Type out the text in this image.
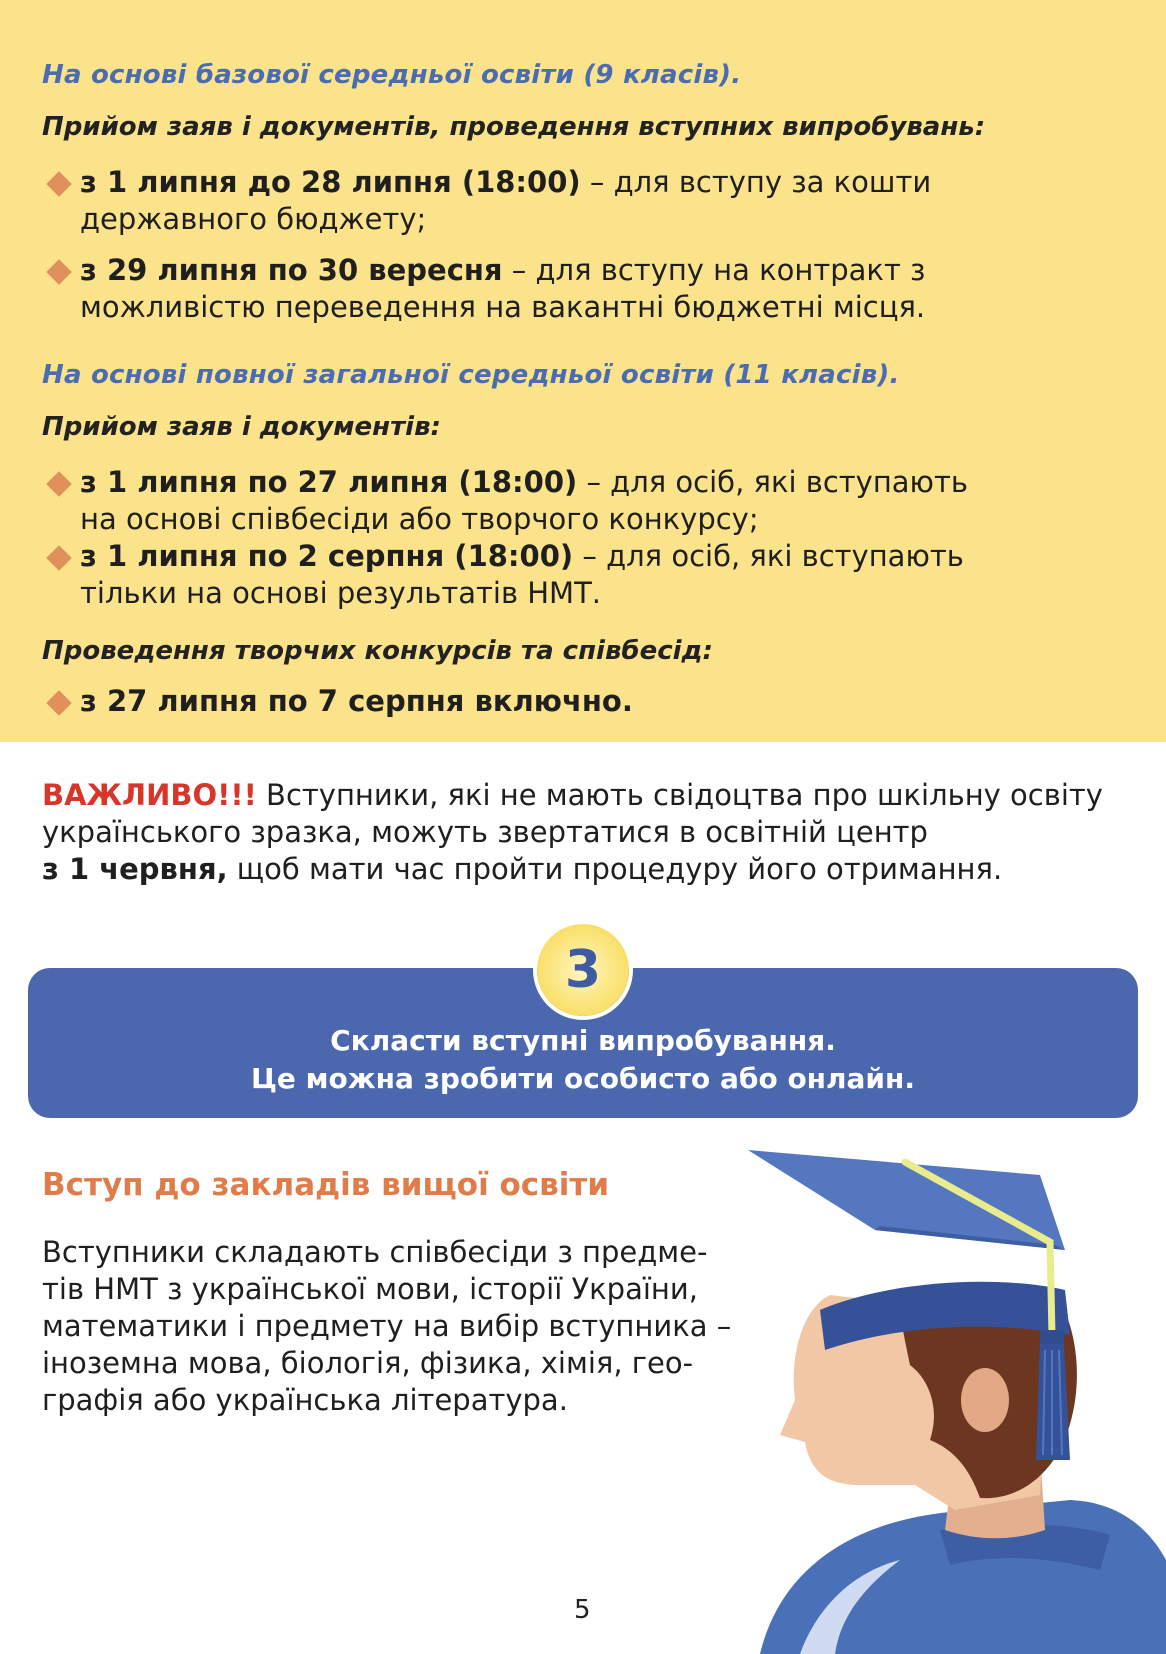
На основі базової середньої освіти (9 класів).
Прийом заяв і документів, проведення вступних випробувань:
з 1 липня до 28 липня (18:00) – для вступу за кошти
державного бюджету;
з 29 липня по 30 вересня – для вступу на контракт з
можливістю переведення на вакантні бюджетні місця.
На основі повної загальної середньої освіти (11 класів).
Прийом заяв і документів:
з 1 липня по 27 липня (18:00) – для осіб, які вступають
на основі співбесіди або творчого конкурсу;
з 1 липня по 2 серпня (18:00) – для осіб, які вступають
тільки на основі результатів НМТ.
Проведення творчих конкурсів та співбесід:
з 27 липня по 7 серпня включно.
ВАЖЛИВО!!! Вступники, які не мають свідоцтва про шкільну освіту
українського зразка, можуть звертатися в освітній центр
з 1 червня, щоб мати час пройти процедуру його отримання.
3
Скласти вступні випробування.
Це можна зробити особисто або онлайн.
Вступ до закладів вищої освіти
Вступники складають співбесіди з предме-
тів НМТ з української мови, історії України,
математики і предмету на вибір вступника –
іноземна мова, біологія, фізика, хімія, гео-
графія або українська література.
5
